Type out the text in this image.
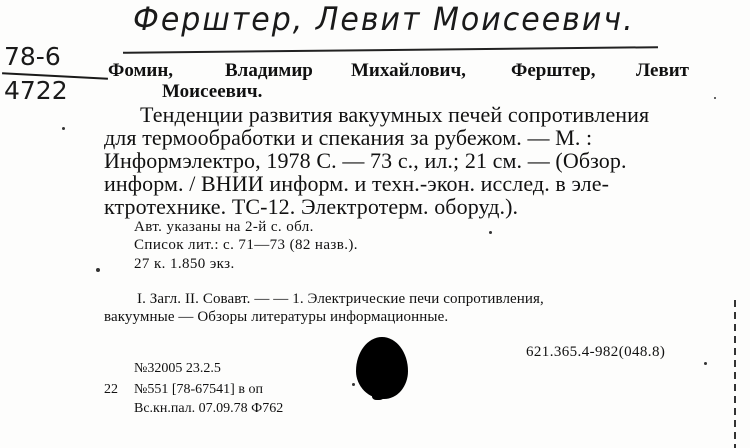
Ферштер, Левит Моисеевич.
78-6
4722
Фомин,	Владимир Михайлович, Ферштер, Левит
Моисеевич.
Тенденции развития вакуумных печей сопротивления
для термообработки и спекания за рубежом. — М. :
Информэлектро, 1978 С. — 73 с., ил.; 21 см. — (Обзор.
информ. / ВНИИ информ. и техн.-экон. исслед. в эле-
ктротехнике. ТС-12. Электротерм. оборуд.).
Авт. указаны на 2-й с. обл.
Список лит.: с. 71—73 (82 назв.).
27 к. 1.850 экз.
I. Загл. II. Совавт. — — 1. Электрические печи сопротивления,
вакуумные — Обзоры литературы информационные.
621.365.4-982(048.8)
№32005 23.2.5
22 №551 [78-67541] в оп
Вс.кн.пал. 07.09.78 Ф762
